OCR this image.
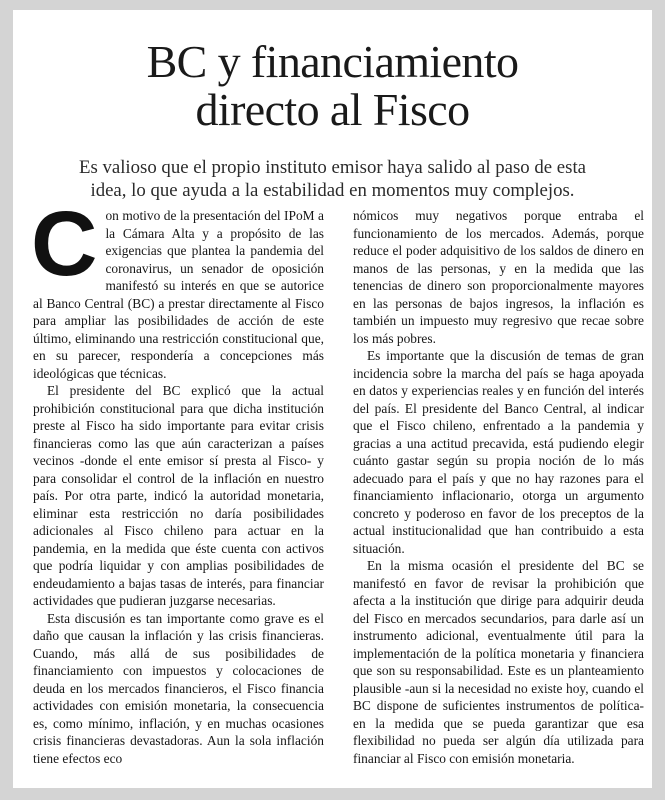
BC y financiamiento
directo al Fisco

Es valioso que el propio instituto emisor haya salido al paso de esta
idea, lo que ayuda a la estabilidad en momentos muy complejos.

Con motivo de la presentación del IPoM a la Cámara Alta y a propósito de las exigencias que plantea la pandemia del coronavirus, un senador de oposición manifestó su interés en que se autorice al Banco Central (BC) a prestar directamente al Fisco para ampliar las posibilidades de acción de este último, eliminando una restricción constitucional que, en su parecer, respondería a concepciones más ideológicas que técnicas.

El presidente del BC explicó que la actual prohibición constitucional para que dicha institución preste al Fisco ha sido importante para evitar crisis financieras como las que aún caracterizan a países vecinos -donde el ente emisor sí presta al Fisco- y para consolidar el control de la inflación en nuestro país. Por otra parte, indicó la autoridad monetaria, eliminar esta restricción no daría posibilidades adicionales al Fisco chileno para actuar en la pandemia, en la medida que éste cuenta con activos que podría liquidar y con amplias posibilidades de endeudamiento a bajas tasas de interés, para financiar actividades que pudieran juzgarse necesarias.

Esta discusión es tan importante como grave es el daño que causan la inflación y las crisis financieras. Cuando, más allá de sus posibilidades de financiamiento con impuestos y colocaciones de deuda en los mercados financieros, el Fisco financia actividades con emisión monetaria, la consecuencia es, como mínimo, inflación, y en muchas ocasiones crisis financieras devastadoras. Aun la sola inflación tiene efectos eco

nómicos muy negativos porque entraba el funcionamiento de los mercados. Además, porque reduce el poder adquisitivo de los saldos de dinero en manos de las personas, y en la medida que las tenencias de dinero son proporcionalmente mayores en las personas de bajos ingresos, la inflación es también un impuesto muy regresivo que recae sobre los más pobres.

Es importante que la discusión de temas de gran incidencia sobre la marcha del país se haga apoyada en datos y experiencias reales y en función del interés del país. El presidente del Banco Central, al indicar que el Fisco chileno, enfrentado a la pandemia y gracias a una actitud precavida, está pudiendo elegir cuánto gastar según su propia noción de lo más adecuado para el país y que no hay razones para el financiamiento inflacionario, otorga un argumento concreto y poderoso en favor de los preceptos de la actual institucionalidad que han contribuido a esta situación.

En la misma ocasión el presidente del BC se manifestó en favor de revisar la prohibición que afecta a la institución que dirige para adquirir deuda del Fisco en mercados secundarios, para darle así un instrumento adicional, eventualmente útil para la implementación de la política monetaria y financiera que son su responsabilidad. Este es un planteamiento plausible -aun si la necesidad no existe hoy, cuando el BC dispone de suficientes instrumentos de política- en la medida que se pueda garantizar que esa flexibilidad no pueda ser algún día utilizada para financiar al Fisco con emisión monetaria.
